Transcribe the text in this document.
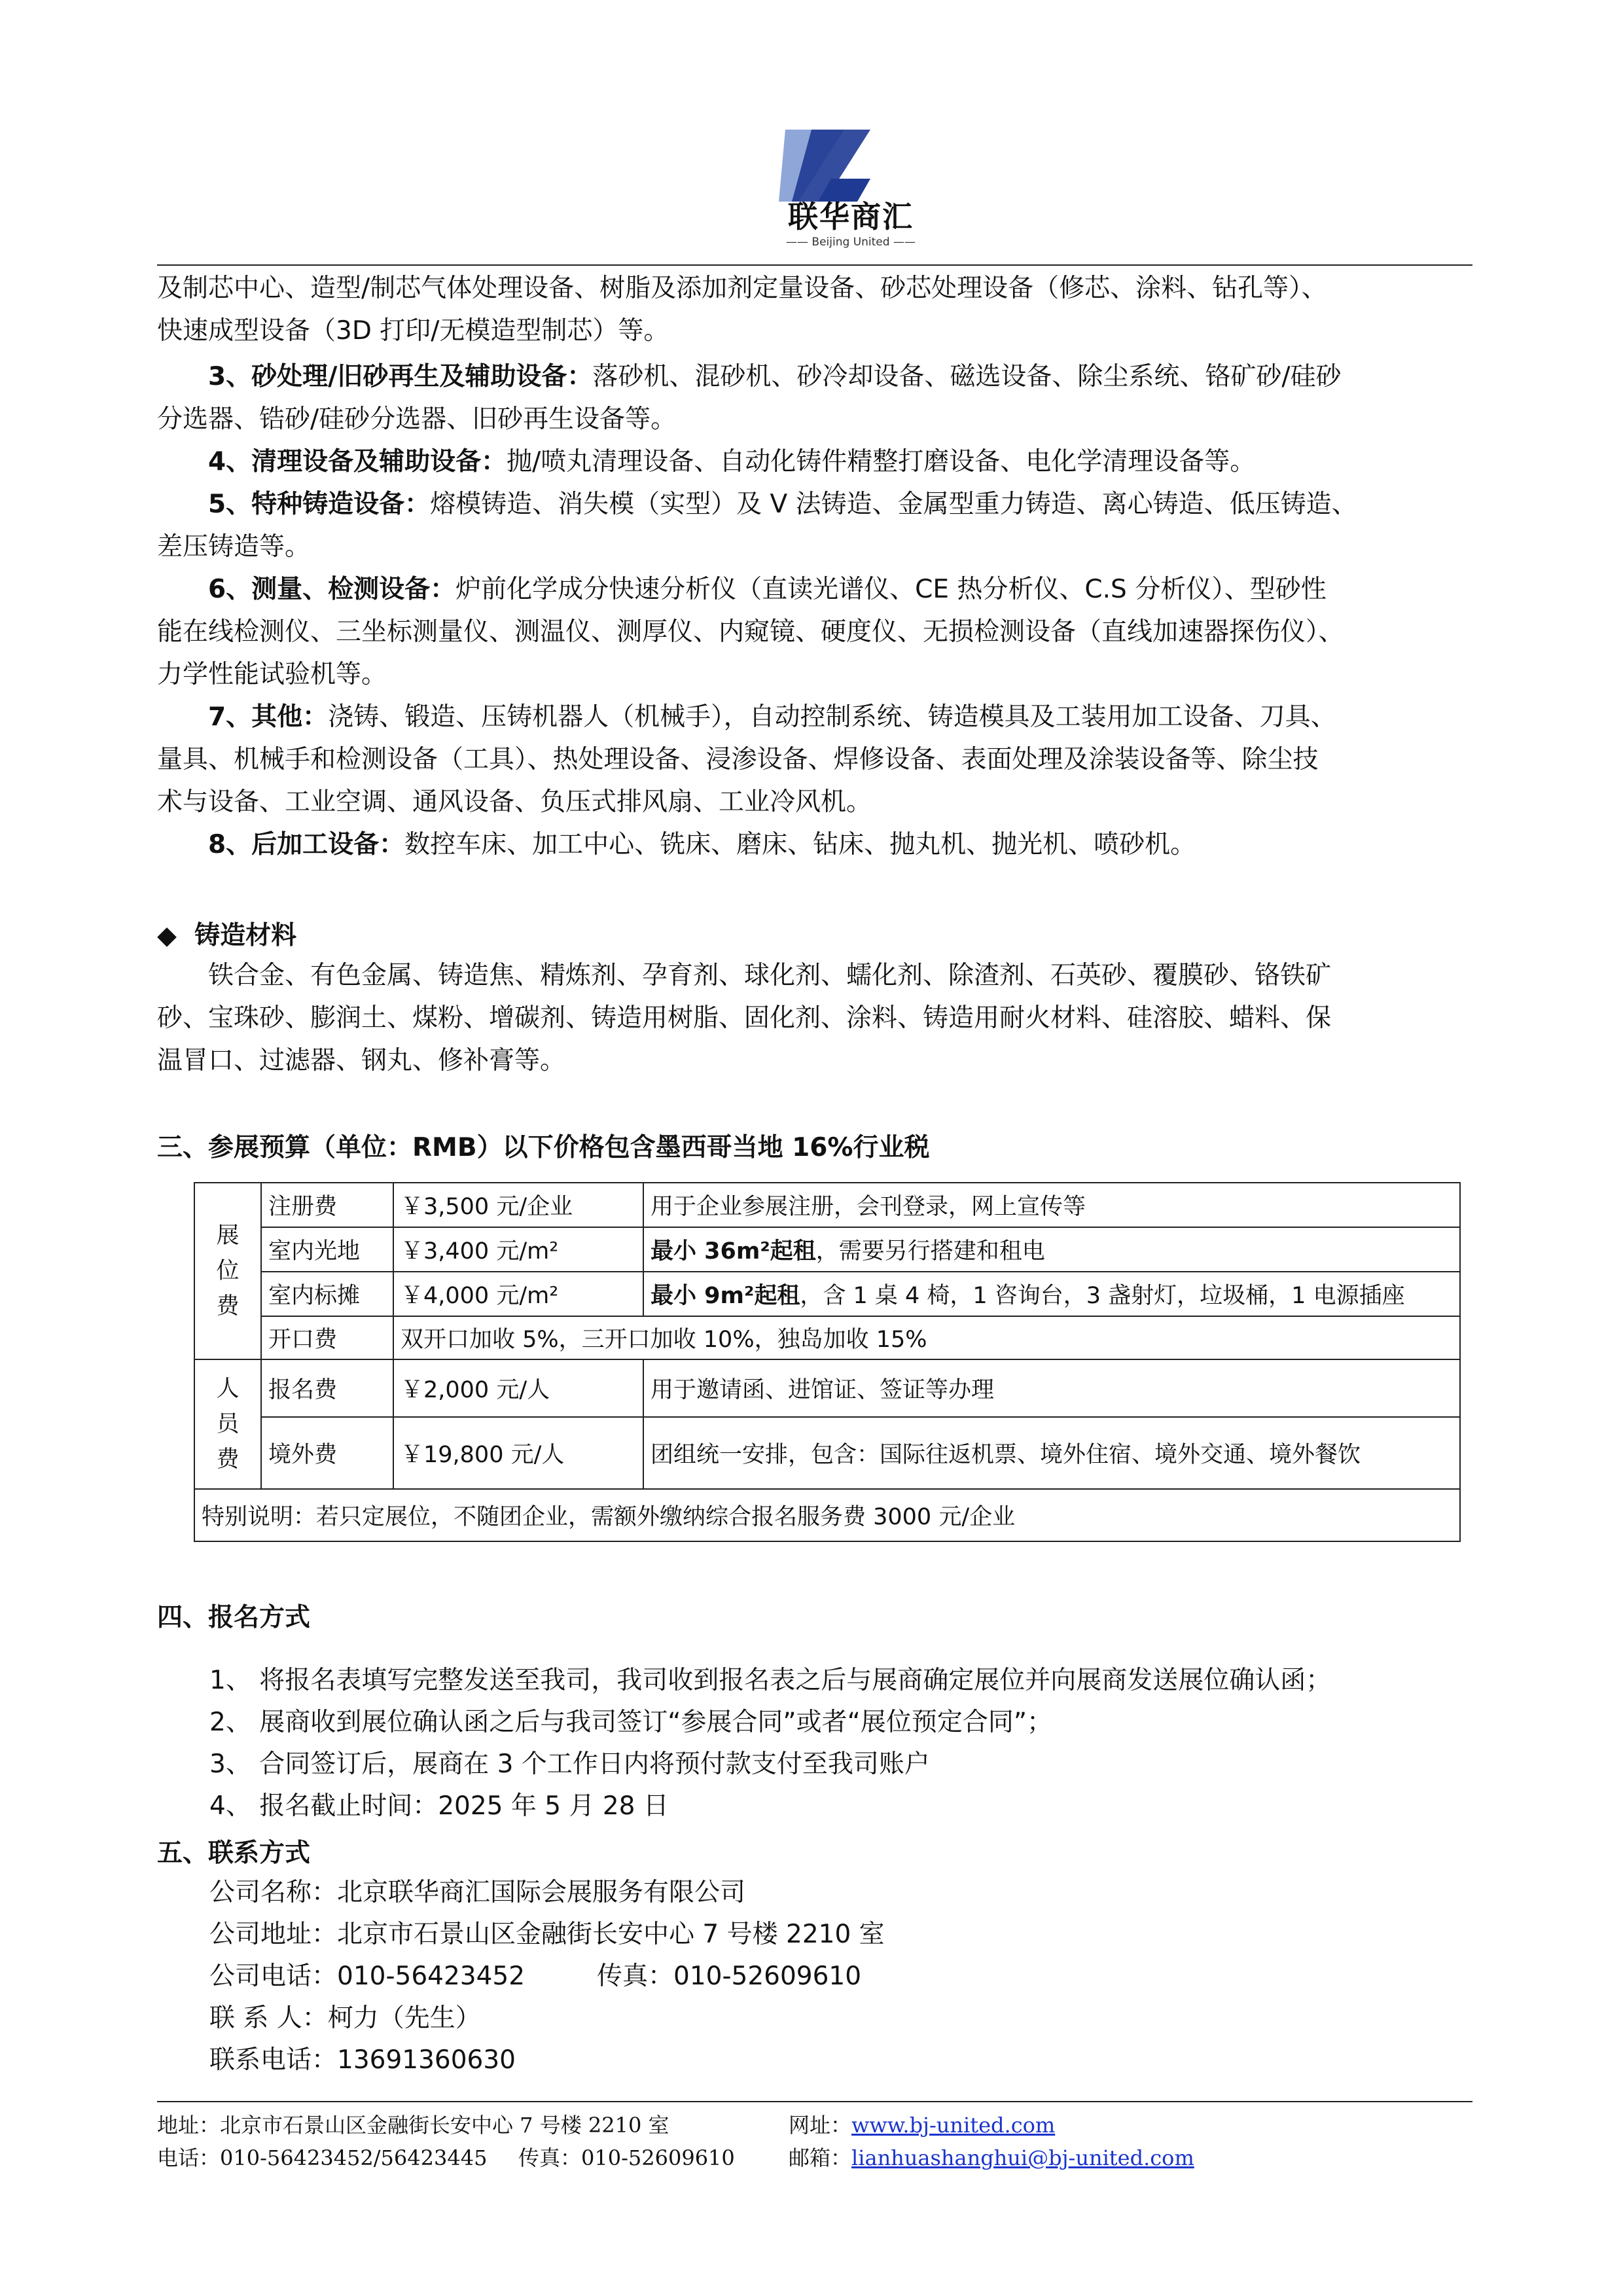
联华商汇
—— Beijing United ——
及制芯中心、造型/制芯气体处理设备、树脂及添加剂定量设备、砂芯处理设备（修芯、涂料、钻孔等）、
快速成型设备（3D 打印/无模造型制芯）等。
3、砂处理/旧砂再生及辅助设备：落砂机、混砂机、砂冷却设备、磁选设备、除尘系统、铬矿砂/硅砂
分选器、锆砂/硅砂分选器、旧砂再生设备等。
4、清理设备及辅助设备：抛/喷丸清理设备、自动化铸件精整打磨设备、电化学清理设备等。
5、特种铸造设备：熔模铸造、消失模（实型）及 V 法铸造、金属型重力铸造、离心铸造、低压铸造、
差压铸造等。
6、测量、检测设备：炉前化学成分快速分析仪（直读光谱仪、CE 热分析仪、C.S 分析仪）、型砂性
能在线检测仪、三坐标测量仪、测温仪、测厚仪、内窥镜、硬度仪、无损检测设备（直线加速器探伤仪）、
力学性能试验机等。
7、其他：浇铸、锻造、压铸机器人（机械手），自动控制系统、铸造模具及工装用加工设备、刀具、
量具、机械手和检测设备（工具）、热处理设备、浸渗设备、焊修设备、表面处理及涂装设备等、除尘技
术与设备、工业空调、通风设备、负压式排风扇、工业冷风机。
8、后加工设备：数控车床、加工中心、铣床、磨床、钻床、抛丸机、抛光机、喷砂机。
◆ 铸造材料
铁合金、有色金属、铸造焦、精炼剂、孕育剂、球化剂、蠕化剂、除渣剂、石英砂、覆膜砂、铬铁矿
砂、宝珠砂、膨润土、煤粉、增碳剂、铸造用树脂、固化剂、涂料、铸造用耐火材料、硅溶胶、蜡料、保
温冒口、过滤器、钢丸、修补膏等。
三、参展预算（单位：RMB）以下价格包含墨西哥当地 16%行业税
展
位
费	注册费	￥3,500 元/企业	用于企业参展注册，会刊登录，网上宣传等
	室内光地	￥3,400 元/m²	最小 36m²起租，需要另行搭建和租电
	室内标摊	￥4,000 元/m²	最小 9m²起租，含 1 桌 4 椅，1 咨询台，3 盏射灯，垃圾桶，1 电源插座
	开口费	双开口加收 5%，三开口加收 10%，独岛加收 15%	

人
员
费	报名费	￥2,000 元/人	用于邀请函、进馆证、签证等办理
	境外费	￥19,800 元/人	团组统一安排，包含：国际往返机票、境外住宿、境外交通、境外餐饮
特别说明：若只定展位，不随团企业，需额外缴纳综合报名服务费 3000 元/企业			
四、报名方式
1、 将报名表填写完整发送至我司，我司收到报名表之后与展商确定展位并向展商发送展位确认函；
2、 展商收到展位确认函之后与我司签订“参展合同”或者“展位预定合同”；
3、 合同签订后，展商在 3 个工作日内将预付款支付至我司账户
4、 报名截止时间：2025 年 5 月 28 日
五、联系方式
公司名称：北京联华商汇国际会展服务有限公司
公司地址：北京市石景山区金融街长安中心 7 号楼 2210 室
公司电话：010-56423452	传真：010-52609610
联 系 人：柯力（先生）
联系电话：13691360630
地址：北京市石景山区金融街长安中心 7 号楼 2210 室	网址：www.bj-united.com
电话：010-56423452/56423445 传真：010-52609610	邮箱：lianhuashanghui@bj-united.com
